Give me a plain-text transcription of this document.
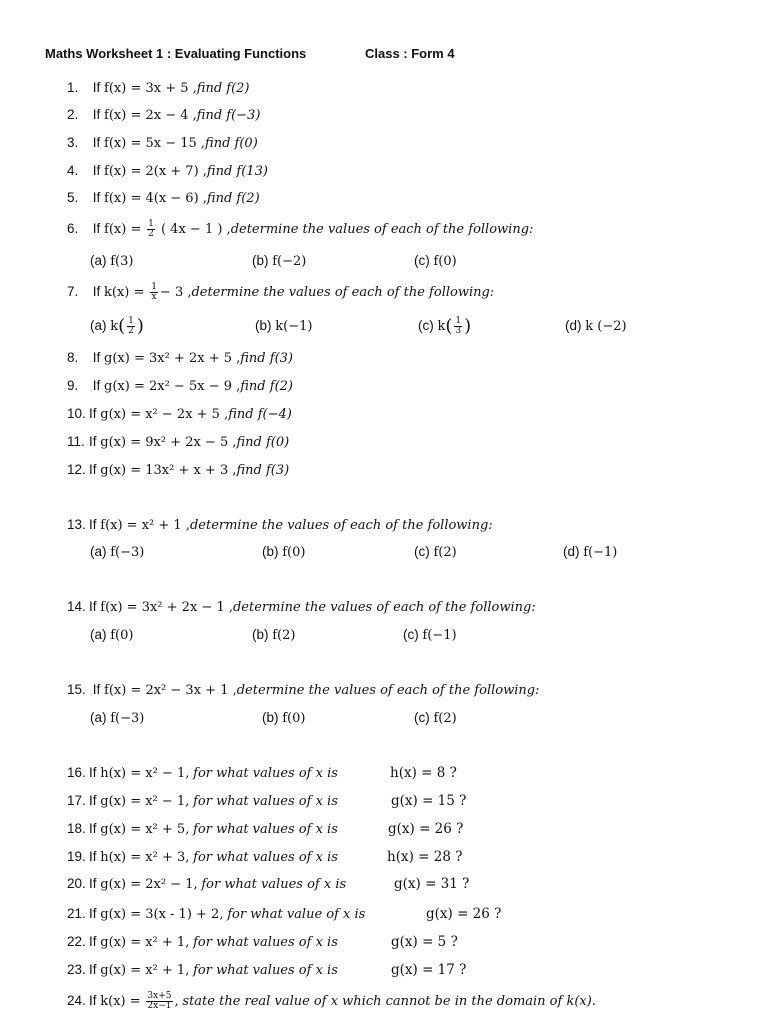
Maths Worksheet 1 : Evaluating Functions	Class : Form 4
1. If f(x) = 3x + 5 ,find f(2)
2. If f(x) = 2x − 4 ,find f(−3)
3. If f(x) = 5x − 15 ,find f(0)
4. If f(x) = 2(x + 7) ,find f(13)
5. If f(x) = 4(x − 6) ,find f(2)
6. If $f(x) = \frac{1}{2}$ ( 4x − 1 ) ,determine the values of each of the following:
(a) f(3)	(b) f(−2)	(c) f(0)
7. If $k(x) = \frac{1}{x} - 3$ ,determine the values of each of the following:
(a) $k( \frac{1}{2}$ )	(b) k(−1)	(c) $k( \frac{1}{3}$ )	(d) k (−2)
8. If g(x) = 3x² + 2x + 5 ,find f(3)
9. If g(x) = 2x² − 5x − 9 ,find f(2)
10. If g(x) = x² − 2x + 5 ,find f(−4)
11. If g(x) = 9x² + 2x − 5 ,find f(0)
12. If g(x) = 13x² + x + 3 ,find f(3)
13. If f(x) = x² + 1 ,determine the values of each of the following:
(a) f(−3)	(b) f(0)	(c) f(2)	(d) f(−1)
14. If f(x) = 3x² + 2x − 1 ,determine the values of each of the following:
(a) f(0)	(b) f(2)	(c) f(−1)
15. If f(x) = 2x² − 3x + 1 ,determine the values of each of the following:
(a) f(−3)	(b) f(0)	(c) f(2)
16. If h(x) = x² − 1, for what values of x is	h(x) = 8 ?
17. If g(x) = x² − 1, for what values of x is	g(x) = 15 ?
18. If g(x) = x² + 5, for what values of x is	g(x) = 26 ?
19. If h(x) = x² + 3, for what values of x is	h(x) = 28 ?
20. If g(x) = 2x² − 1, for what values of x is	g(x) = 31 ?
21. If g(x) = 3(x - 1) + 2, for what value of x is	g(x) = 26 ?
22. If g(x) = x² + 1, for what values of x is	g(x) = 5 ?
23. If g(x) = x² + 1, for what values of x is	g(x) = 17 ?
24. If $k(x) = \frac{3x+5}{2x-1}$ , state the real value of x which cannot be in the domain of k(x).
